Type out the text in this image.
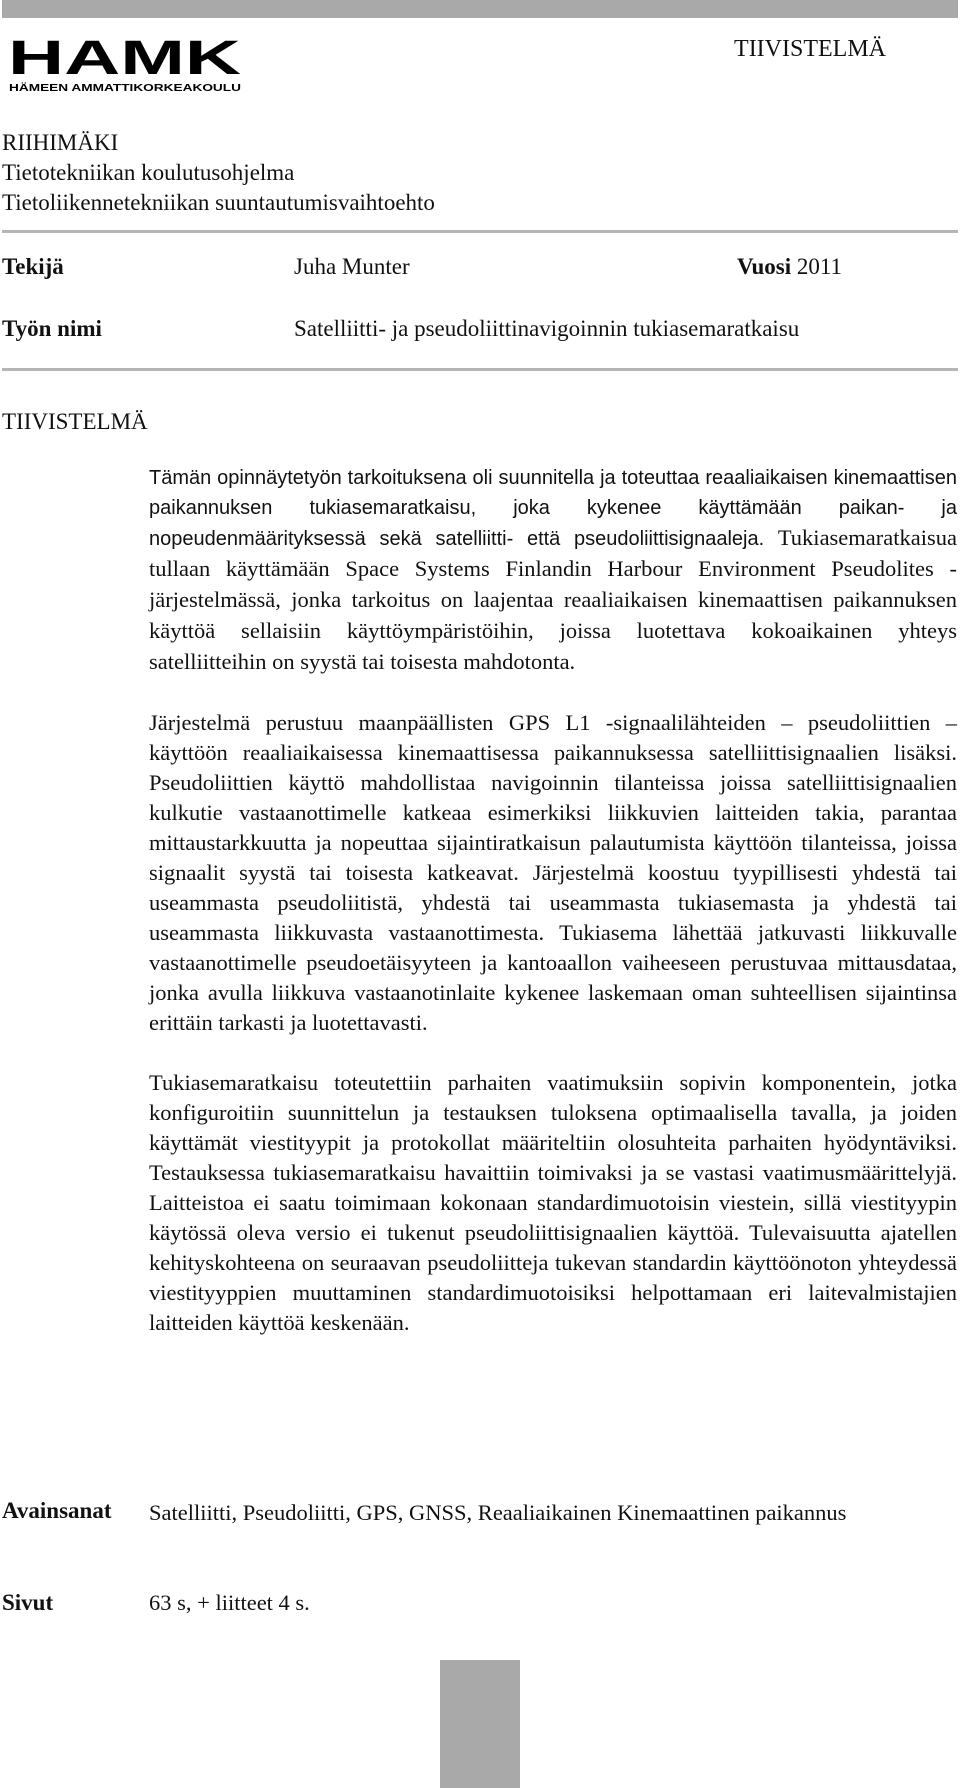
HAMK
HÄMEEN AMMATTIKORKEAKOULU
TIIVISTELMÄ
RIIHIMÄKI
Tietotekniikan koulutusohjelma
Tietoliikennetekniikan suuntautumisvaihtoehto
Tekijä	Juha Munter	Vuosi 2011
Työn nimi	Satelliitti- ja pseudoliittinavigoinnin tukiasemaratkaisu
TIIVISTELMÄ

Tämän opinnäytetyön tarkoituksena oli suunnitella ja toteuttaa reaaliaikaisen kinemaattisen paikannuksen tukiasemaratkaisu, joka kykenee käyttämään paikan- ja nopeudenmäärityksessä sekä satelliitti- että pseudoliittisignaaleja. Tukiasemaratkaisua tullaan käyttämään Space Systems Finlandin Harbour Environment Pseudolites -järjestelmässä, jonka tarkoitus on laajentaa reaaliaikaisen kinemaattisen paikannuksen käyttöä sellaisiin käyttöympäristöihin, joissa luotettava kokoaikainen yhteys satelliitteihin on syystä tai toisesta mahdotonta.

Järjestelmä perustuu maanpäällisten GPS L1 -signaalilähteiden – pseudoliittien – käyttöön reaaliaikaisessa kinemaattisessa paikannuksessa satelliittisignaalien lisäksi. Pseudoliittien käyttö mahdollistaa navigoinnin tilanteissa joissa satelliittisignaalien kulkutie vastaanottimelle katkeaa esimerkiksi liikkuvien laitteiden takia, parantaa mittaustarkkuutta ja nopeuttaa sijaintiratkaisun palautumista käyttöön tilanteissa, joissa signaalit syystä tai toisesta katkeavat. Järjestelmä koostuu tyypillisesti yhdestä tai useammasta pseudoliitistä, yhdestä tai useammasta tukiasemasta ja yhdestä tai useammasta liikkuvasta vastaanottimesta. Tukiasema lähettää jatkuvasti liikkuvalle vastaanottimelle pseudoetäisyyteen ja kantoaallon vaiheeseen perustuvaa mittausdataa, jonka avulla liikkuva vastaanotinlaite kykenee laskemaan oman suhteellisen sijaintinsa erittäin tarkasti ja luotettavasti.

Tukiasemaratkaisu toteutettiin parhaiten vaatimuksiin sopivin komponentein, jotka konfiguroitiin suunnittelun ja testauksen tuloksena optimaalisella tavalla, ja joiden käyttämät viestityypit ja protokollat määriteltiin olosuhteita parhaiten hyödyntäviksi. Testauksessa tukiasemaratkaisu havaittiin toimivaksi ja se vastasi vaatimusmäärittelyjä. Laitteistoa ei saatu toimimaan kokonaan standardimuotoisin viestein, sillä viestityypin käytössä oleva versio ei tukenut pseudoliittisignaalien käyttöä. Tulevaisuutta ajatellen kehityskohteena on seuraavan pseudoliitteja tukevan standardin käyttöönoton yhteydessä viestityyppien muuttaminen standardimuotoisiksi helpottamaan eri laitevalmistajien laitteiden käyttöä keskenään.

Avainsanat Satelliitti, Pseudoliitti, GPS, GNSS, Reaaliaikainen Kinemaattinen paikannus
Sivut	63 s, + liitteet 4 s.
